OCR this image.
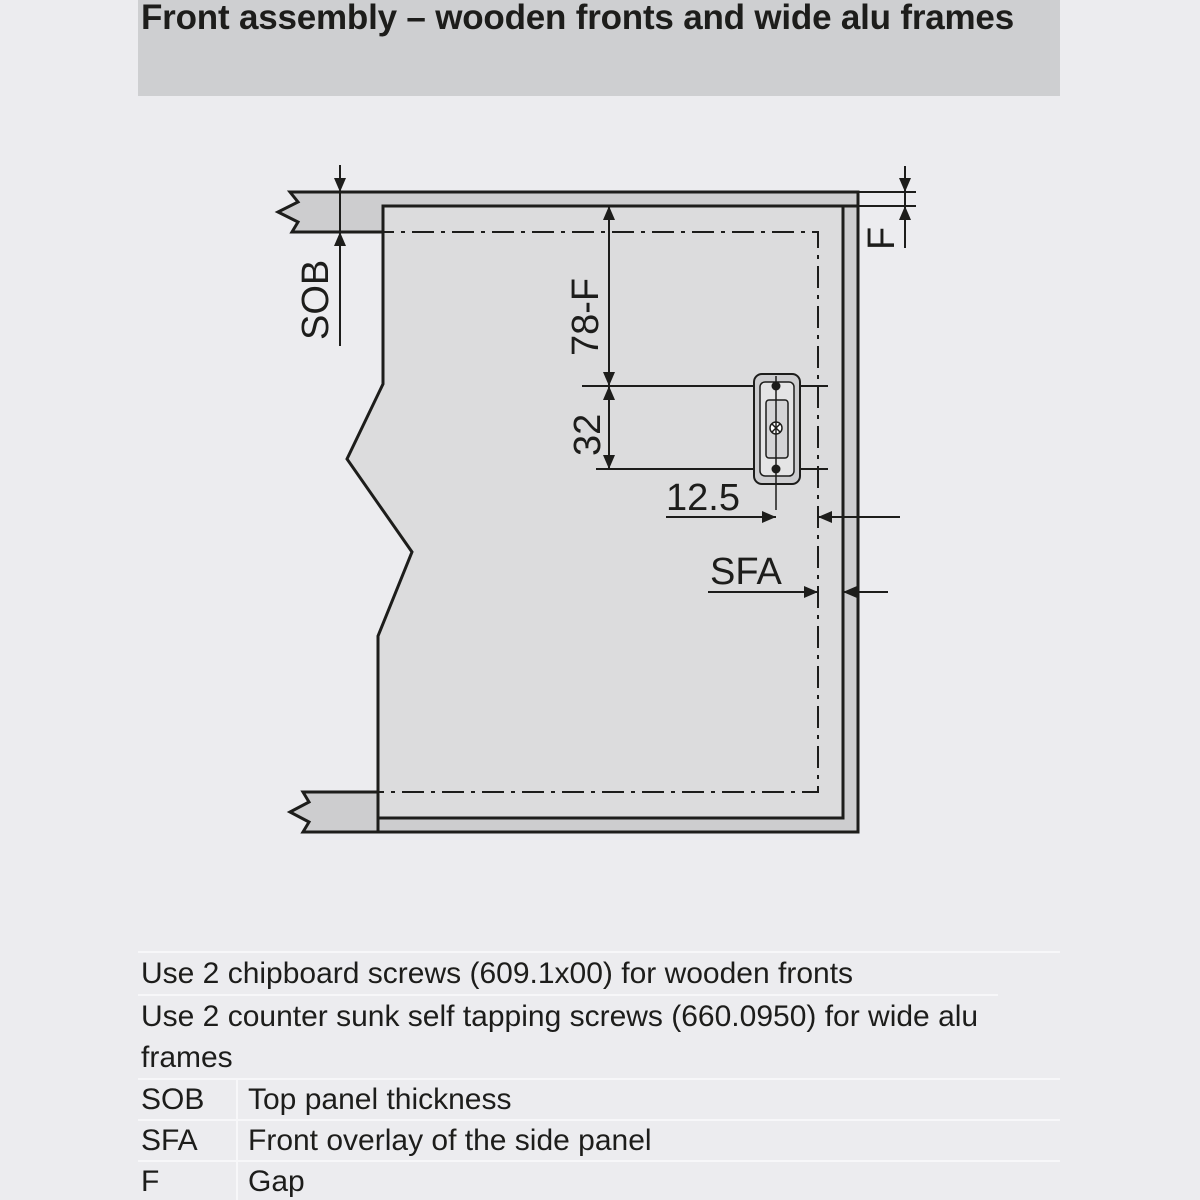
Front assembly – wooden fronts and wide alu frames
SOB
F
78-F
32
12.5
SFA
Use 2 chipboard screws (609.1x00) for wooden fronts
Use 2 counter sunk self tapping screws (660.0950) for wide alu frames
SOB	Top panel thickness
SFA	Front overlay of the side panel
F	Gap
